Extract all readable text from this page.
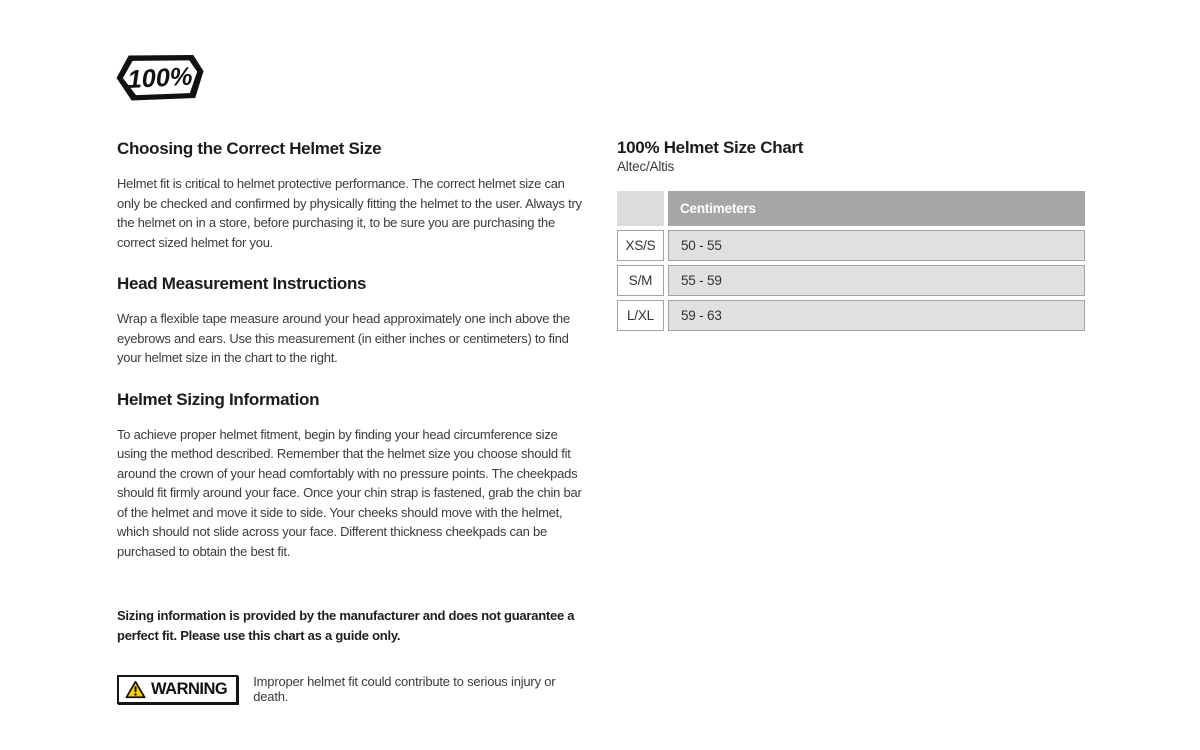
100%
Choosing the Correct Helmet Size

Helmet fit is critical to helmet protective performance. The correct helmet size can only be checked and confirmed by physically fitting the helmet to the user. Always try the helmet on in a store, before purchasing it, to be sure you are purchasing the correct sized helmet for you.

Head Measurement Instructions

Wrap a flexible tape measure around your head approximately one inch above the eyebrows and ears. Use this measurement (in either inches or centimeters) to find your helmet size in the chart to the right.

Helmet Sizing Information

To achieve proper helmet fitment, begin by finding your head circumference size using the method described. Remember that the helmet size you choose should fit around the crown of your head comfortably with no pressure points. The cheekpads should fit firmly around your face. Once your chin strap is fastened, grab the chin bar of the helmet and move it side to side. Your cheeks should move with the helmet, which should not slide across your face. Different thickness cheekpads can be purchased to obtain the best fit.

Sizing information is provided by the manufacturer and does not guarantee a perfect fit. Please use this chart as a guide only.

WARNING Improper helmet fit could contribute to serious injury or death.
100% Helmet Size Chart
Altec/Altis
Centimeters
XS/S	50 - 55
S/M	55 - 59
L/XL	59 - 63
